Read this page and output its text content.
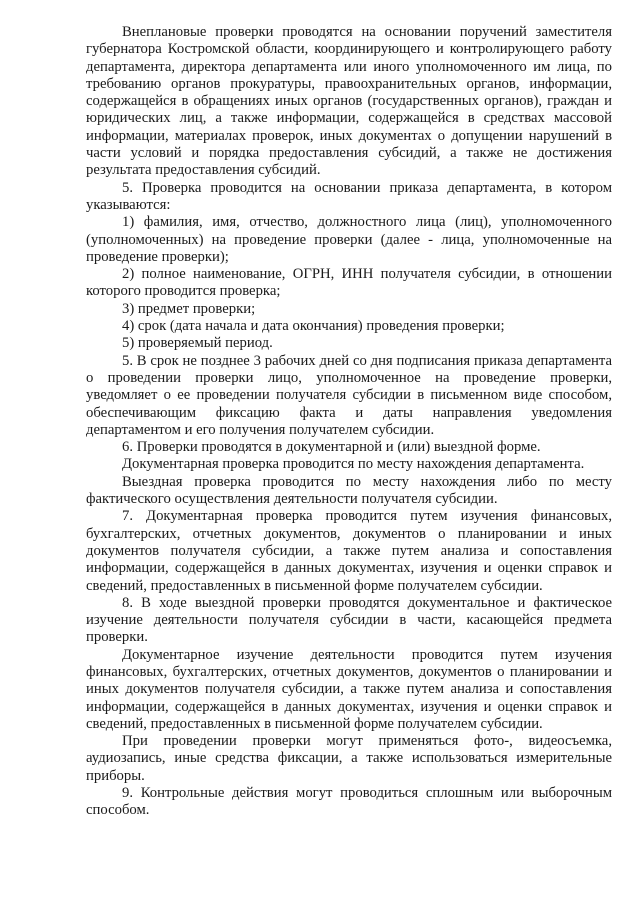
Внеплановые проверки проводятся на основании поручений заместителя губернатора Костромской области, координирующего и контролирующего работу департамента, директора департамента или иного уполномоченного им лица, по требованию органов прокуратуры, правоохранительных органов, информации, содержащейся в обращениях иных органов (государственных органов), граждан и юридических лиц, а также информации, содержащейся в средствах массовой информации, материалах проверок, иных документах о допущении нарушений в части условий и порядка предоставления субсидий, а также не достижения результата предоставления субсидий.

5. Проверка проводится на основании приказа департамента, в котором указываются:

1) фамилия, имя, отчество, должностного лица (лиц), уполномоченного (уполномоченных) на проведение проверки (далее - лица, уполномоченные на проведение проверки);

2) полное наименование, ОГРН, ИНН получателя субсидии, в отношении которого проводится проверка;

3) предмет проверки;

4) срок (дата начала и дата окончания) проведения проверки;

5) проверяемый период.

5. В срок не позднее 3 рабочих дней со дня подписания приказа департамента о проведении проверки лицо, уполномоченное на проведение проверки, уведомляет о ее проведении получателя субсидии в письменном виде способом, обеспечивающим фиксацию факта и даты направления уведомления департаментом и его получения получателем субсидии.

6. Проверки проводятся в документарной и (или) выездной форме.

Документарная проверка проводится по месту нахождения департамента.

Выездная проверка проводится по месту нахождения либо по месту фактического осуществления деятельности получателя субсидии.

7. Документарная проверка проводится путем изучения финансовых, бухгалтерских, отчетных документов, документов о планировании и иных документов получателя субсидии, а также путем анализа и сопоставления информации, содержащейся в данных документах, изучения и оценки справок и сведений, предоставленных в письменной форме получателем субсидии.

8. В ходе выездной проверки проводятся документальное и фактическое изучение деятельности получателя субсидии в части, касающейся предмета проверки.

Документарное изучение деятельности проводится путем изучения финансовых, бухгалтерских, отчетных документов, документов о планировании и иных документов получателя субсидии, а также путем анализа и сопоставления информации, содержащейся в данных документах, изучения и оценки справок и сведений, предоставленных в письменной форме получателем субсидии.

При проведении проверки могут применяться фото-, видеосъемка, аудиозапись, иные средства фиксации, а также использоваться измерительные приборы.

9. Контрольные действия могут проводиться сплошным или выборочным способом.
